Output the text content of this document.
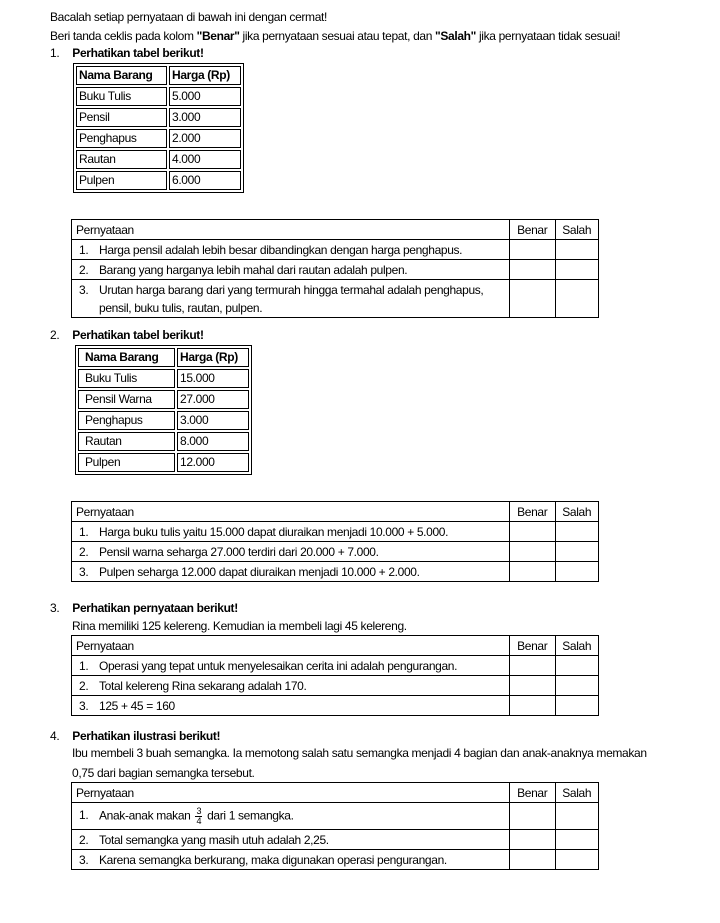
Bacalah setiap pernyataan di bawah ini dengan cermat!
Beri tanda ceklis pada kolom "Benar" jika pernyataan sesuai atau tepat, dan "Salah" jika pernyataan tidak sesuai!
1. Perhatikan tabel berikut!
Nama Barang	Harga (Rp)
Buku Tulis	5.000
Pensil	3.000
Penghapus	2.000
Rautan	4.000
Pulpen	6.000
Pernyataan	Benar	Salah
1. Harga pensil adalah lebih besar dibandingkan dengan harga penghapus.		
2. Barang yang harganya lebih mahal dari rautan adalah pulpen.		
3. Urutan harga barang dari yang termurah hingga termahal adalah penghapus,
pensil, buku tulis, rautan, pulpen.		
2. Perhatikan tabel berikut!
Nama Barang	Harga (Rp)
Buku Tulis	15.000
Pensil Warna	27.000
Penghapus	3.000
Rautan	8.000
Pulpen	12.000
Pernyataan	Benar	Salah
1. Harga buku tulis yaitu 15.000 dapat diuraikan menjadi 10.000 + 5.000.		
2. Pensil warna seharga 27.000 terdiri dari 20.000 + 7.000.		
3. Pulpen seharga 12.000 dapat diuraikan menjadi 10.000 + 2.000.		
3. Perhatikan pernyataan berikut!
Rina memiliki 125 kelereng. Kemudian ia membeli lagi 45 kelereng.
Pernyataan	Benar	Salah
1. Operasi yang tepat untuk menyelesaikan cerita ini adalah pengurangan.		
2. Total kelereng Rina sekarang adalah 170.		
3. 125 + 45 = 160		
4. Perhatikan ilustrasi berikut!
Ibu membeli 3 buah semangka. Ia memotong salah satu semangka menjadi 4 bagian dan anak-anaknya memakan
0,75 dari bagian semangka tersebut.
Pernyataan	Benar	Salah
1. Anak-anak makan $\frac{3}{4}$ dari 1 semangka.		
2. Total semangka yang masih utuh adalah 2,25.		
3. Karena semangka berkurang, maka digunakan operasi pengurangan.		
